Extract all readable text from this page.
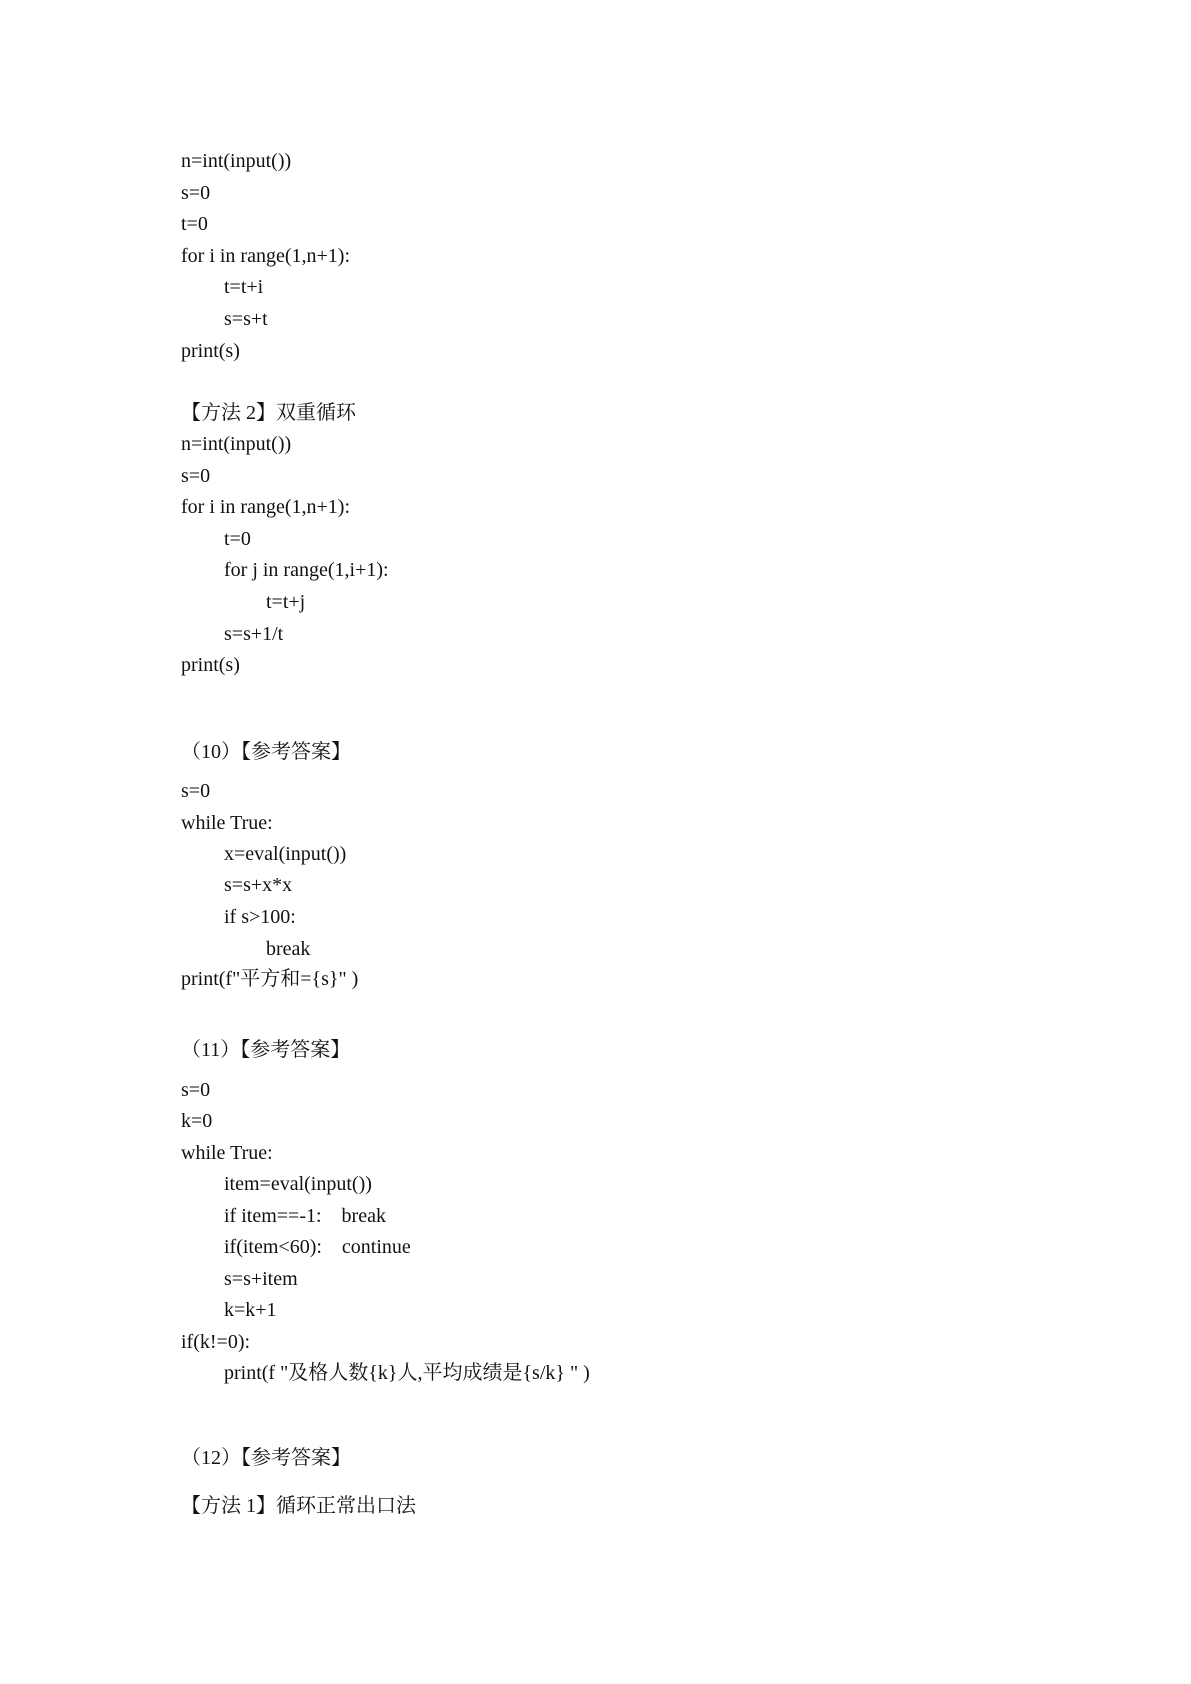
n=int(input())
s=0
t=0
for i in range(1,n+1):
t=t+i
s=s+t
print(s)
【方法 2】双重循环
n=int(input())
s=0
for i in range(1,n+1):
t=0
for j in range(1,i+1):
t=t+j
s=s+1/t
print(s)
（10）【参考答案】
s=0
while True:
x=eval(input())
s=s+x*x
if s>100:
break
print(f"平方和={s}" )
（11）【参考答案】
s=0
k=0
while True:
item=eval(input())
if item==-1:    break
if(item<60):    continue
s=s+item
k=k+1
if(k!=0):
print(f "及格人数{k}人,平均成绩是{s/k} " )
（12）【参考答案】
【方法 1】循环正常出口法
